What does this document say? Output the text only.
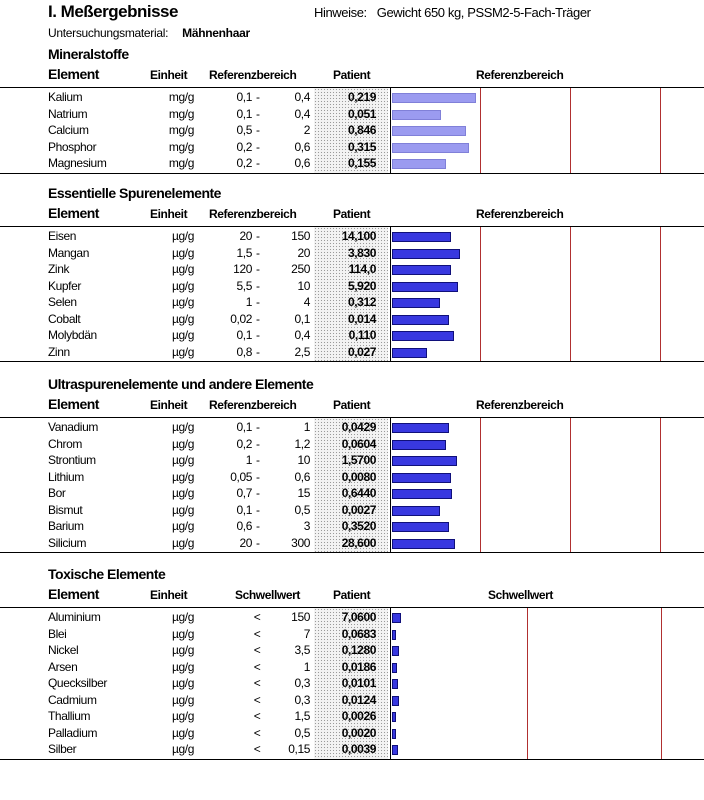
I. Meßergebnisse	Hinweise: Gewicht 650 kg, PSSM2-5-Fach-Träger
Untersuchungsmaterial: Mähnenhaar
Mineralstoffe
Element	Einheit Referenzbereich	Patient	Referenzbereich
Kalium	mg/g	0,1	0,4	0,219
-
Natrium	mg/g	0,1	0,4	0,051
-
Calcium	mg/g	0,5	2	0,846
-
Phosphor	mg/g	0,2	0,6	0,315
-
Magnesium	mg/g	0,2	0,6	0,155
-
Essentielle Spurenelemente
Element	Einheit Referenzbereich	Patient	Referenzbereich
Eisen	µg/g	20	150	14,100
-
Mangan	µg/g	1,5	20	3,830
-
Zink	µg/g	120	250	114,0
-
Kupfer	µg/g	5,5	10	5,920
-
Selen	µg/g	1	4	0,312
-
Cobalt	µg/g	0,02	0,1	0,014
-
Molybdän	µg/g	0,1	0,4	0,110
-
Zinn	µg/g	0,8	2,5	0,027
-
Ultraspurenelemente und andere Elemente
Element	Einheit Referenzbereich	Patient	Referenzbereich
Vanadium	µg/g	0,1	1	0,0429
-
Chrom	µg/g	0,2	1,2	0,0604
-
Strontium	µg/g	1	10	1,5700
-
Lithium	µg/g	0,05	0,6	0,0080
-
Bor	µg/g	0,7	15	0,6440
-
Bismut	µg/g	0,1	0,5	0,0027
-
Barium	µg/g	0,6	3	0,3520
-
Silicium	µg/g	20	300	28,600
-
Toxische Elemente
Element	Einheit	Schwellwert	Patient	Schwellwert
Aluminium	µg/g	<	150	7,0600
Blei	µg/g	<	7	0,0683
Nickel	µg/g	<	3,5	0,1280
Arsen	µg/g	<	1	0,0186
Quecksilber	µg/g	<	0,3	0,0101
Cadmium	µg/g	<	0,3	0,0124
Thallium	µg/g	<	1,5	0,0026
Palladium	µg/g	<	0,5	0,0020
Silber	µg/g	<	0,15	0,0039
